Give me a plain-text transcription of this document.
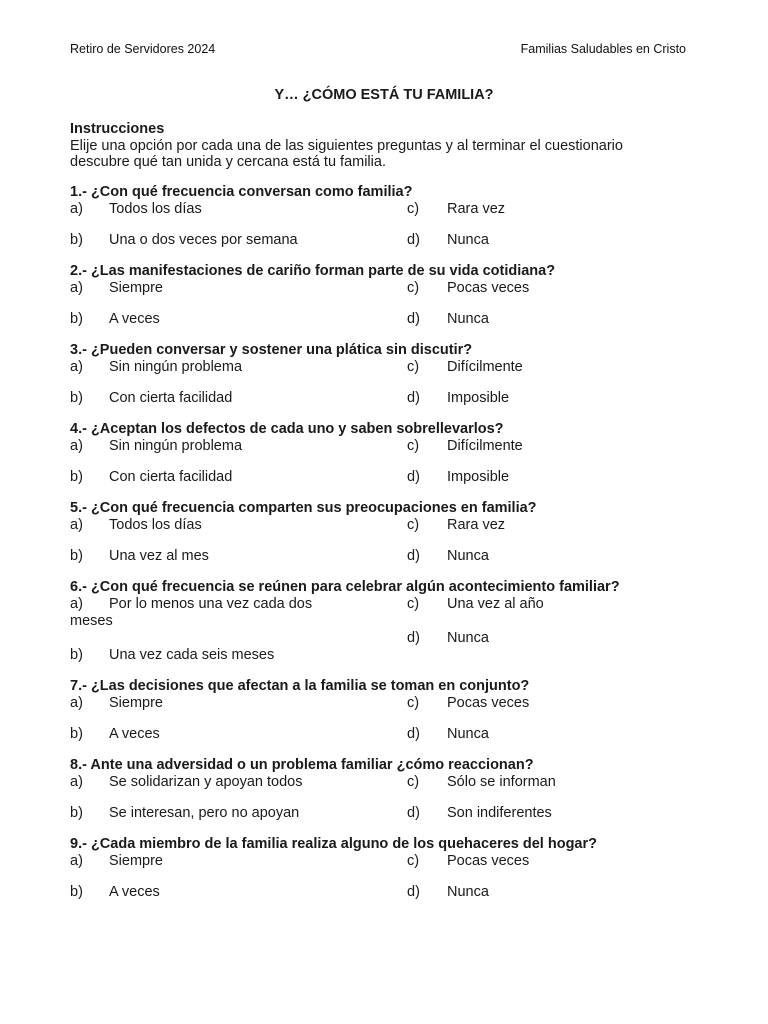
Retiro de Servidores 2024	Familias Saludables en Cristo
Y… ¿CÓMO ESTÁ TU FAMILIA?
Instrucciones
Elije una opción por cada una de las siguientes preguntas y al terminar el cuestionario
descubre qué tan unida y cercana está tu familia.
1.- ¿Con qué frecuencia conversan como familia?
a)	Todos los días	c)	Rara vez
b)	Una o dos veces por semana	d)	Nunca
2.- ¿Las manifestaciones de cariño forman parte de su vida cotidiana?
a)	Siempre	c)	Pocas veces
b)	A veces	d)	Nunca
3.- ¿Pueden conversar y sostener una plática sin discutir?
a)	Sin ningún problema	c)	Difícilmente
b)	Con cierta facilidad	d)	Imposible
4.- ¿Aceptan los defectos de cada uno y saben sobrellevarlos?
a)	Sin ningún problema	c)	Difícilmente
b)	Con cierta facilidad	d)	Imposible
5.- ¿Con qué frecuencia comparten sus preocupaciones en familia?
a)	Todos los días	c)	Rara vez
b)	Una vez al mes	d)	Nunca
6.- ¿Con qué frecuencia se reúnen para celebrar algún acontecimiento familiar?
a)	Por lo menos una vez cada dos	c)	Una vez al año
meses
d)	Nunca
b)	Una vez cada seis meses
7.- ¿Las decisiones que afectan a la familia se toman en conjunto?
a)	Siempre	c)	Pocas veces
b)	A veces	d)	Nunca
8.- Ante una adversidad o un problema familiar ¿cómo reaccionan?
a)	Se solidarizan y apoyan todos	c)	Sólo se informan
b)	Se interesan, pero no apoyan	d)	Son indiferentes
9.- ¿Cada miembro de la familia realiza alguno de los quehaceres del hogar?
a)	Siempre	c)	Pocas veces
b)	A veces	d)	Nunca
